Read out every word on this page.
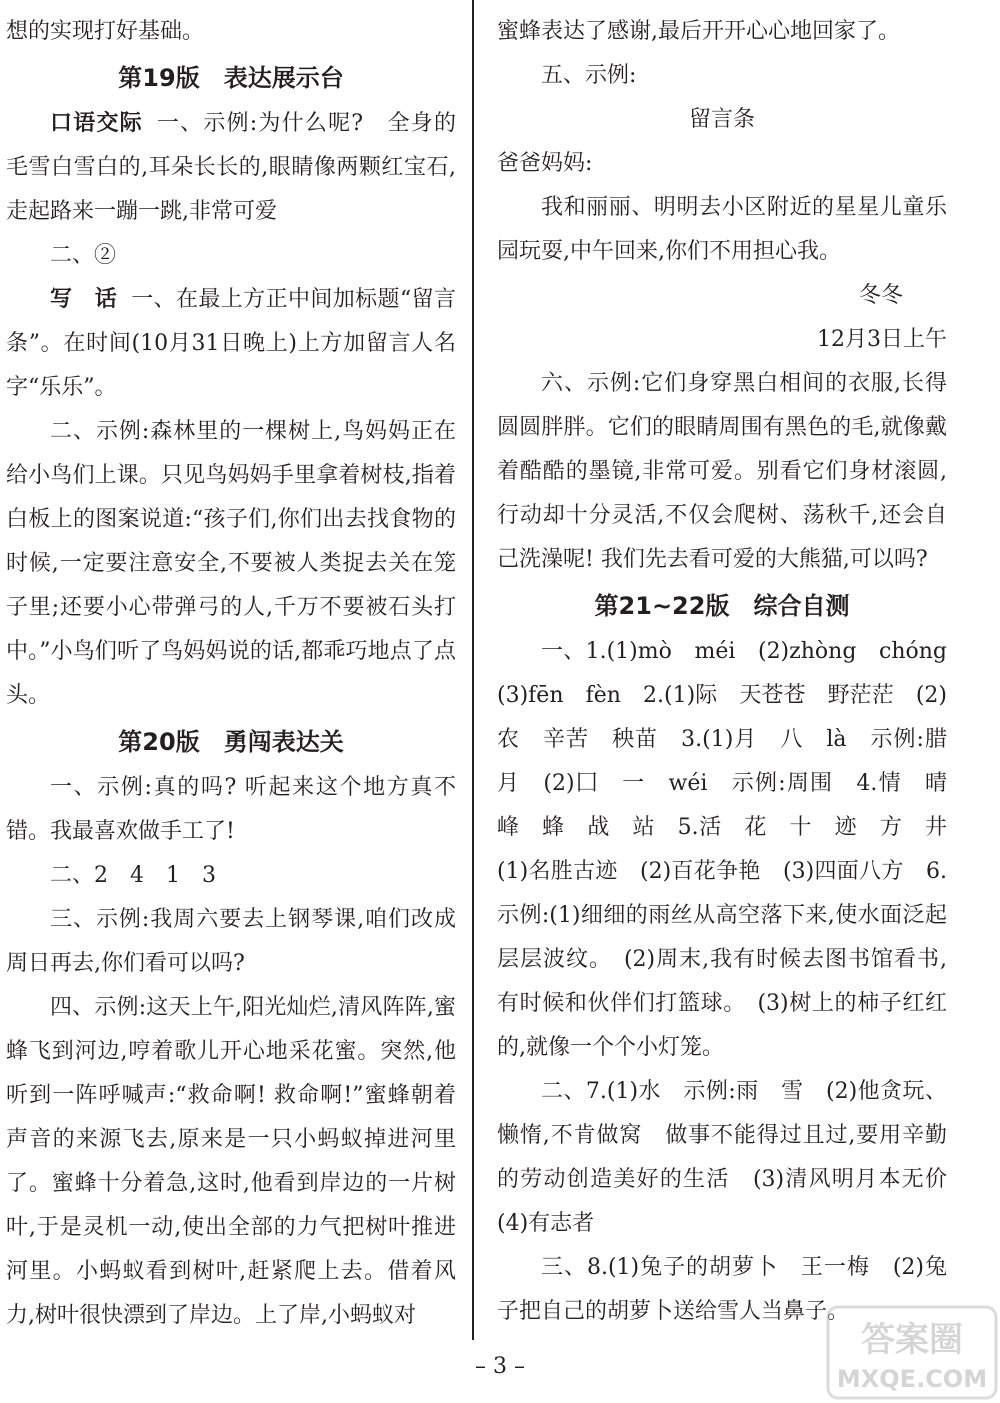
想的实现打好基础。

第19版　表达展示台

口语交际 一、示例:为什么呢?　全身的毛雪白雪白的,耳朵长长的,眼睛像两颗红宝石,走起路来一蹦一跳,非常可爱

二、②

写　话 一、在最上方正中间加标题“留言条”。在时间(10月31日晚上)上方加留言人名字“乐乐”。

二、示例:森林里的一棵树上,鸟妈妈正在给小鸟们上课。只见鸟妈妈手里拿着树枝,指着白板上的图案说道:“孩子们,你们出去找食物的时候,一定要注意安全,不要被人类捉去关在笼子里;还要小心带弹弓的人,千万不要被石头打中。”小鸟们听了鸟妈妈说的话,都乖巧地点了点头。

第20版　勇闯表达关

一、示例:真的吗? 听起来这个地方真不错。我最喜欢做手工了!

二、2　4　1　3

三、示例:我周六要去上钢琴课,咱们改成周日再去,你们看可以吗?

四、示例:这天上午,阳光灿烂,清风阵阵,蜜蜂飞到河边,哼着歌儿开心地采花蜜。突然,他听到一阵呼喊声:“救命啊! 救命啊!”蜜蜂朝着声音的来源飞去,原来是一只小蚂蚁掉进河里了。蜜蜂十分着急,这时,他看到岸边的一片树叶,于是灵机一动,使出全部的力气把树叶推进河里。小蚂蚁看到树叶,赶紧爬上去。借着风力,树叶很快漂到了岸边。上了岸,小蚂蚁对

蜜蜂表达了感谢,最后开开心心地回家了。

五、示例:

留言条

爸爸妈妈:

我和丽丽、明明去小区附近的星星儿童乐园玩耍,中午回来,你们不用担心我。

冬冬

12月3日上午

六、示例:它们身穿黑白相间的衣服,长得圆圆胖胖。它们的眼睛周围有黑色的毛,就像戴着酷酷的墨镜,非常可爱。别看它们身材滚圆,行动却十分灵活,不仅会爬树、荡秋千,还会自己洗澡呢! 我们先去看可爱的大熊猫,可以吗?

第21~22版　综合自测

一、1.(1)mò　méi　(2)zhòng　chóng　(3)fēn　fèn　2.(1)际　天苍苍　野茫茫　(2)农　辛苦　秧苗　3.(1)月　八　là　示例:腊月　(2)囗　一　wéi　示例:周围　4.情　晴　峰　蜂　战　站　5.活　花　十　迹　方　井　(1)名胜古迹　(2)百花争艳　(3)四面八方　6.示例:(1)细细的雨丝从高空落下来,使水面泛起层层波纹。　(2)周末,我有时候去图书馆看书,有时候和伙伴们打篮球。　(3)树上的柿子红红的,就像一个个小灯笼。

二、7.(1)水　示例:雨　雪　(2)他贪玩、懒惰,不肯做窝　做事不能得过且过,要用辛勤的劳动创造美好的生活　(3)清风明月本无价　(4)有志者

三、8.(1)兔子的胡萝卜　王一梅　(2)兔子把自己的胡萝卜送给雪人当鼻子。

– 3 –
答案圈
MXQE.COM
